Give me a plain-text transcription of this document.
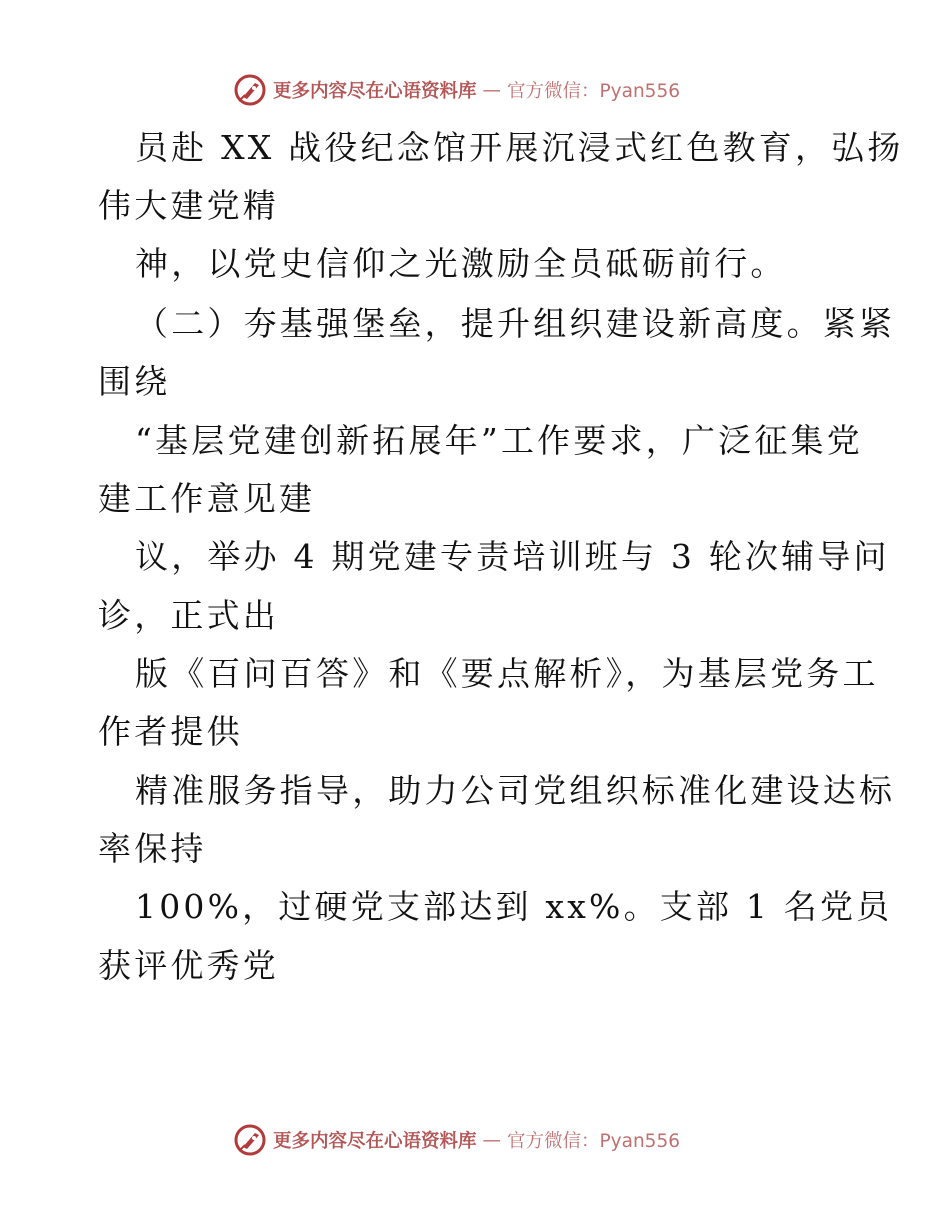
更多内容尽在心语资料库 — 官方微信：Pyan556
员赴 XX 战役纪念馆开展沉浸式红色教育，弘扬
伟大建党精
神，以党史信仰之光激励全员砥砺前行。
（二）夯基强堡垒，提升组织建设新高度。紧紧
围绕
“基层党建创新拓展年”工作要求，广泛征集党
建工作意见建
议，举办 4 期党建专责培训班与 3 轮次辅导问
诊，正式出
版《百问百答》和《要点解析》，为基层党务工
作者提供
精准服务指导，助力公司党组织标准化建设达标
率保持
100%，过硬党支部达到 xx%。支部 1 名党员
获评优秀党
更多内容尽在心语资料库 — 官方微信：Pyan556
